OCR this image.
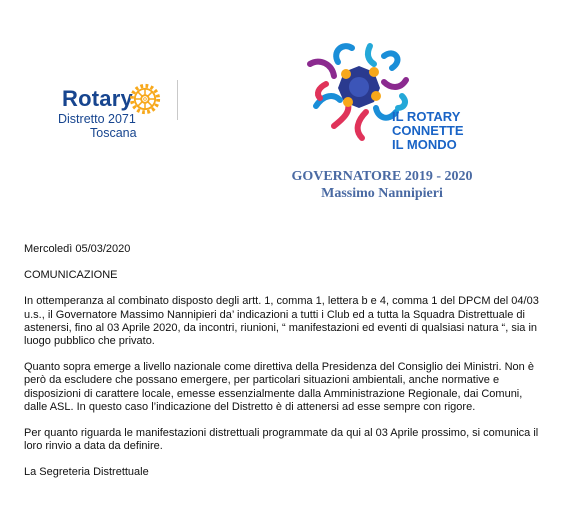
Rotary
Distretto 2071
Toscana
IL ROTARY
CONNETTE
IL MONDO
GOVERNATORE 2019 - 2020
Massimo Nannipieri

Mercoledì 05/03/2020

COMUNICAZIONE

In ottemperanza al combinato disposto degli artt. 1, comma 1, lettera b e 4, comma 1 del DPCM del 04/03 u.s., il Governatore Massimo Nannipieri da’ indicazioni a tutti i Club ed a tutta la Squadra Distrettuale di astenersi, fino al 03 Aprile 2020, da incontri, riunioni, “ manifestazioni ed eventi di qualsiasi natura “, sia in luogo pubblico che privato.

Quanto sopra emerge a livello nazionale come direttiva della Presidenza del Consiglio dei Ministri. Non è però da escludere che possano emergere, per particolari situazioni ambientali, anche normative e disposizioni di carattere locale, emesse essenzialmente dalla Amministrazione Regionale, dai Comuni, dalle ASL. In questo caso l’indicazione del Distretto è di attenersi ad esse sempre con rigore.

Per quanto riguarda le manifestazioni distrettuali programmate da qui al 03 Aprile prossimo, si comunica il loro rinvio a data da definire.

La Segreteria Distrettuale
